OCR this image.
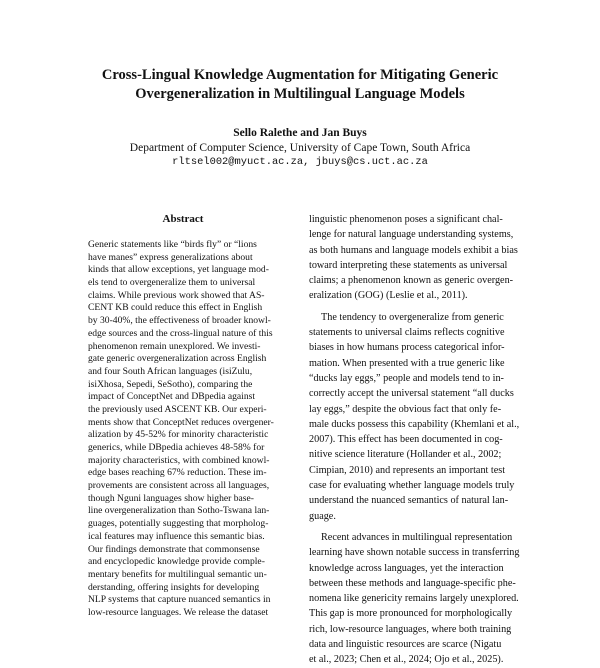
Cross-Lingual Knowledge Augmentation for Mitigating Generic
Overgeneralization in Multilingual Language Models
Sello Ralethe and Jan Buys
Department of Computer Science, University of Cape Town, South Africa
rltsel002@myuct.ac.za, jbuys@cs.uct.ac.za
Abstract
Generic statements like “birds fly” or “lions
have manes” express generalizations about
kinds that allow exceptions, yet language mod-
els tend to overgeneralize them to universal
claims. While previous work showed that AS-
CENT KB could reduce this effect in English
by 30-40%, the effectiveness of broader knowl-
edge sources and the cross-lingual nature of this
phenomenon remain unexplored. We investi-
gate generic overgeneralization across English
and four South African languages (isiZulu,
isiXhosa, Sepedi, SeSotho), comparing the
impact of ConceptNet and DBpedia against
the previously used ASCENT KB. Our experi-
ments show that ConceptNet reduces overgener-
alization by 45-52% for minority characteristic
generics, while DBpedia achieves 48-58% for
majority characteristics, with combined knowl-
edge bases reaching 67% reduction. These im-
provements are consistent across all languages,
though Nguni languages show higher base-
line overgeneralization than Sotho-Tswana lan-
guages, potentially suggesting that morpholog-
ical features may influence this semantic bias.
Our findings demonstrate that commonsense
and encyclopedic knowledge provide comple-
mentary benefits for multilingual semantic un-
derstanding, offering insights for developing
NLP systems that capture nuanced semantics in
low-resource languages. We release the dataset
linguistic phenomenon poses a significant chal-
lenge for natural language understanding systems,
as both humans and language models exhibit a bias
toward interpreting these statements as universal
claims; a phenomenon known as generic overgen-
eralization (GOG) (Leslie et al., 2011).
The tendency to overgeneralize from generic
statements to universal claims reflects cognitive
biases in how humans process categorical infor-
mation. When presented with a true generic like
“ducks lay eggs,” people and models tend to in-
correctly accept the universal statement “all ducks
lay eggs,” despite the obvious fact that only fe-
male ducks possess this capability (Khemlani et al.,
2007). This effect has been documented in cog-
nitive science literature (Hollander et al., 2002;
Cimpian, 2010) and represents an important test
case for evaluating whether language models truly
understand the nuanced semantics of natural lan-
guage.
Recent advances in multilingual representation
learning have shown notable success in transferring
knowledge across languages, yet the interaction
between these methods and language-specific phe-
nomena like genericity remains largely unexplored.
This gap is more pronounced for morphologically
rich, low-resource languages, where both training
data and linguistic resources are scarce (Nigatu
et al., 2023; Chen et al., 2024; Ojo et al., 2025).
